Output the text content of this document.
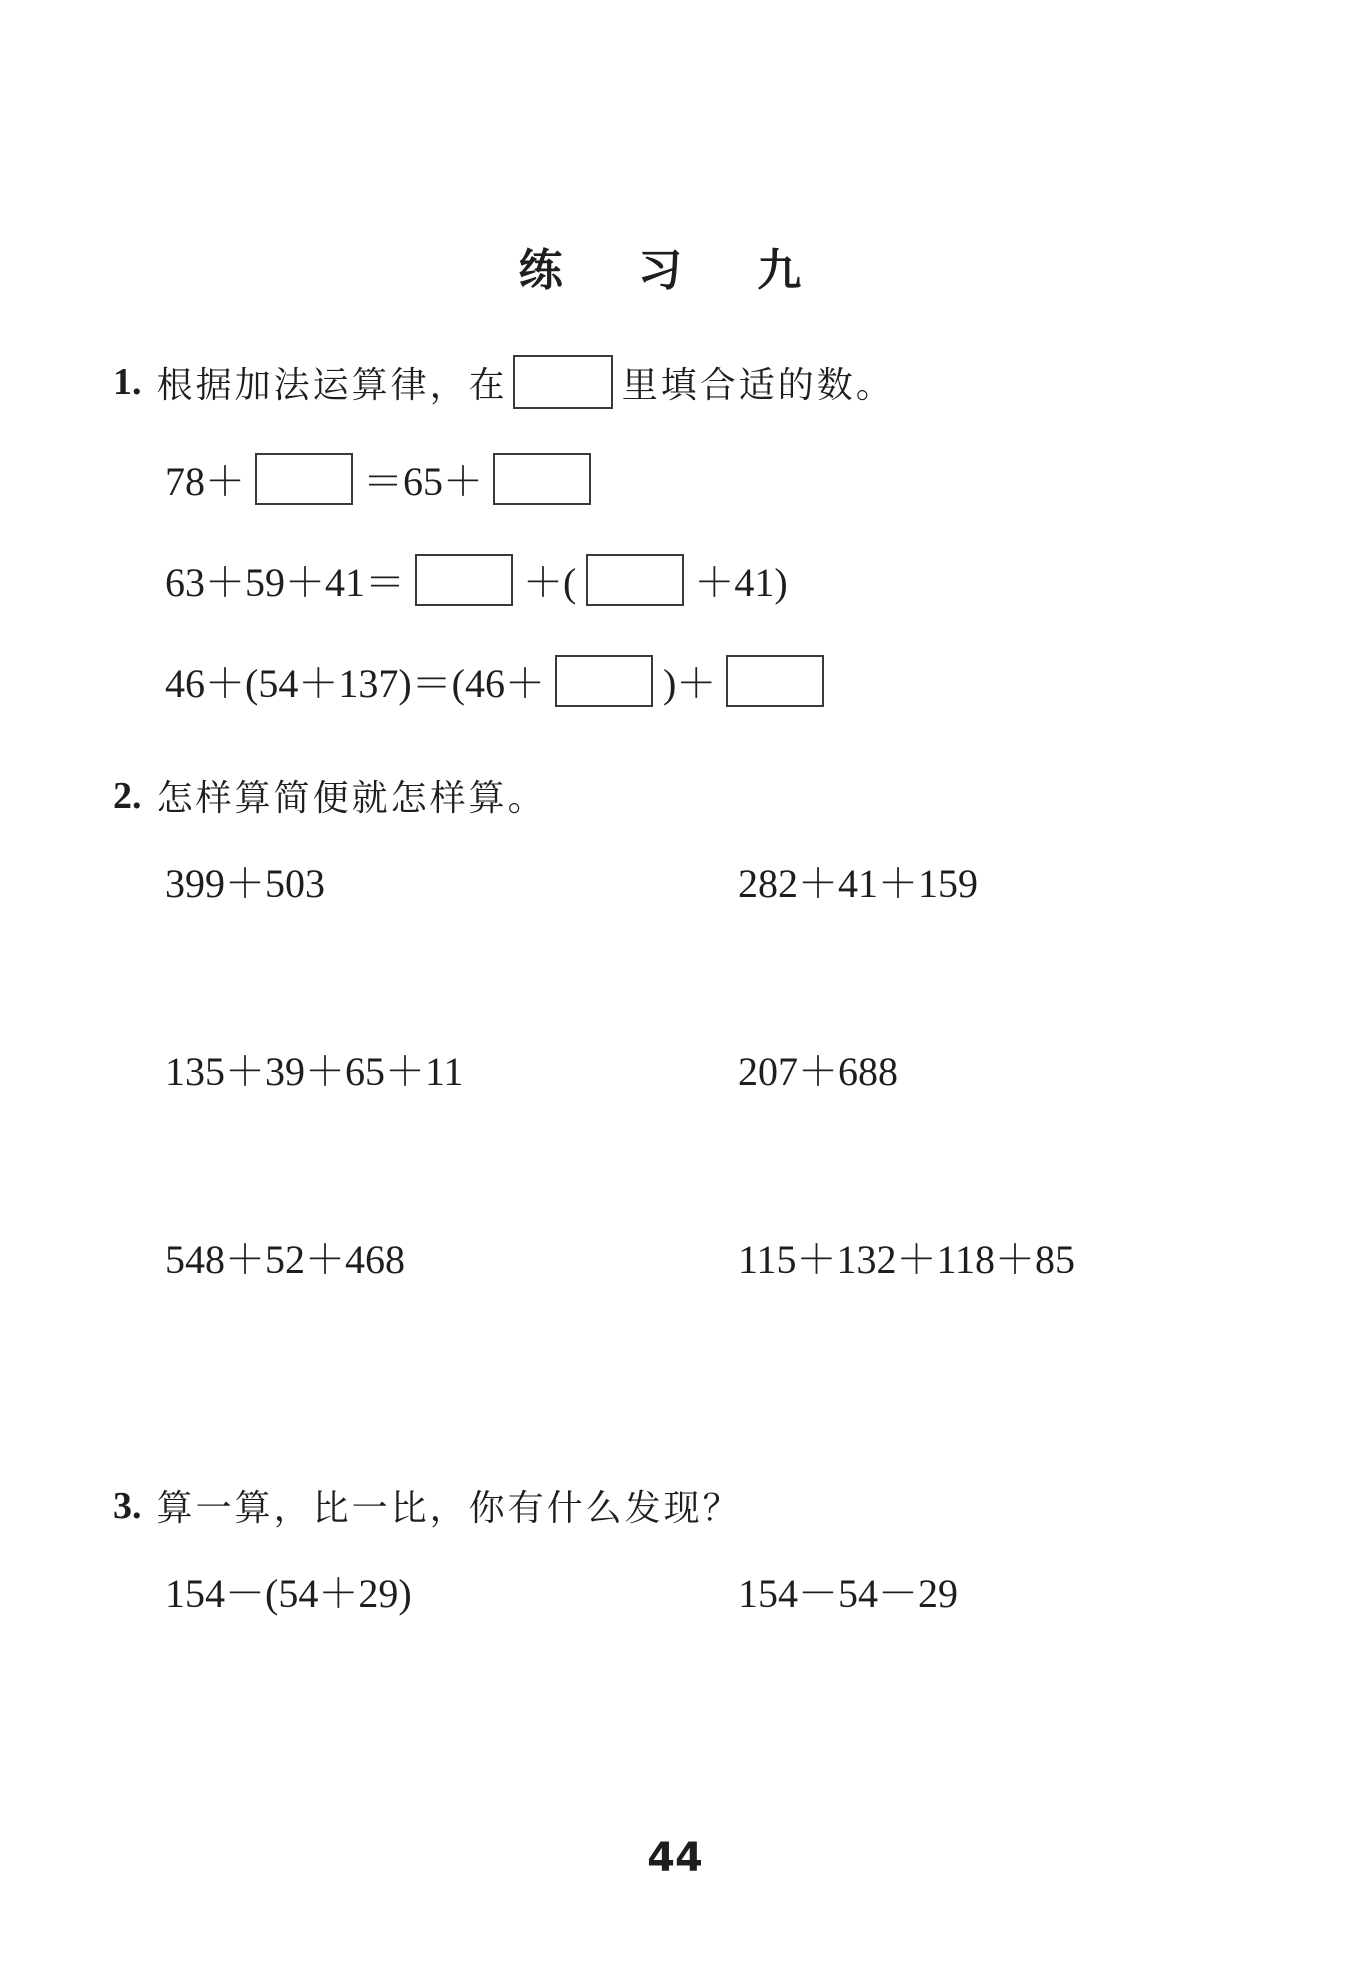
练 习 九
1. 根据加法运算律，在	里填合适的数。
78＋	＝65＋
63＋59＋41＝	＋(	＋41)
46＋(54＋137)＝(46＋	)＋
2. 怎样算简便就怎样算。
399＋503	282＋41＋159
135＋39＋65＋11	207＋688
548＋52＋468	115＋132＋118＋85
3. 算一算，比一比，你有什么发现？
154－(54＋29)	154－54－29
44
